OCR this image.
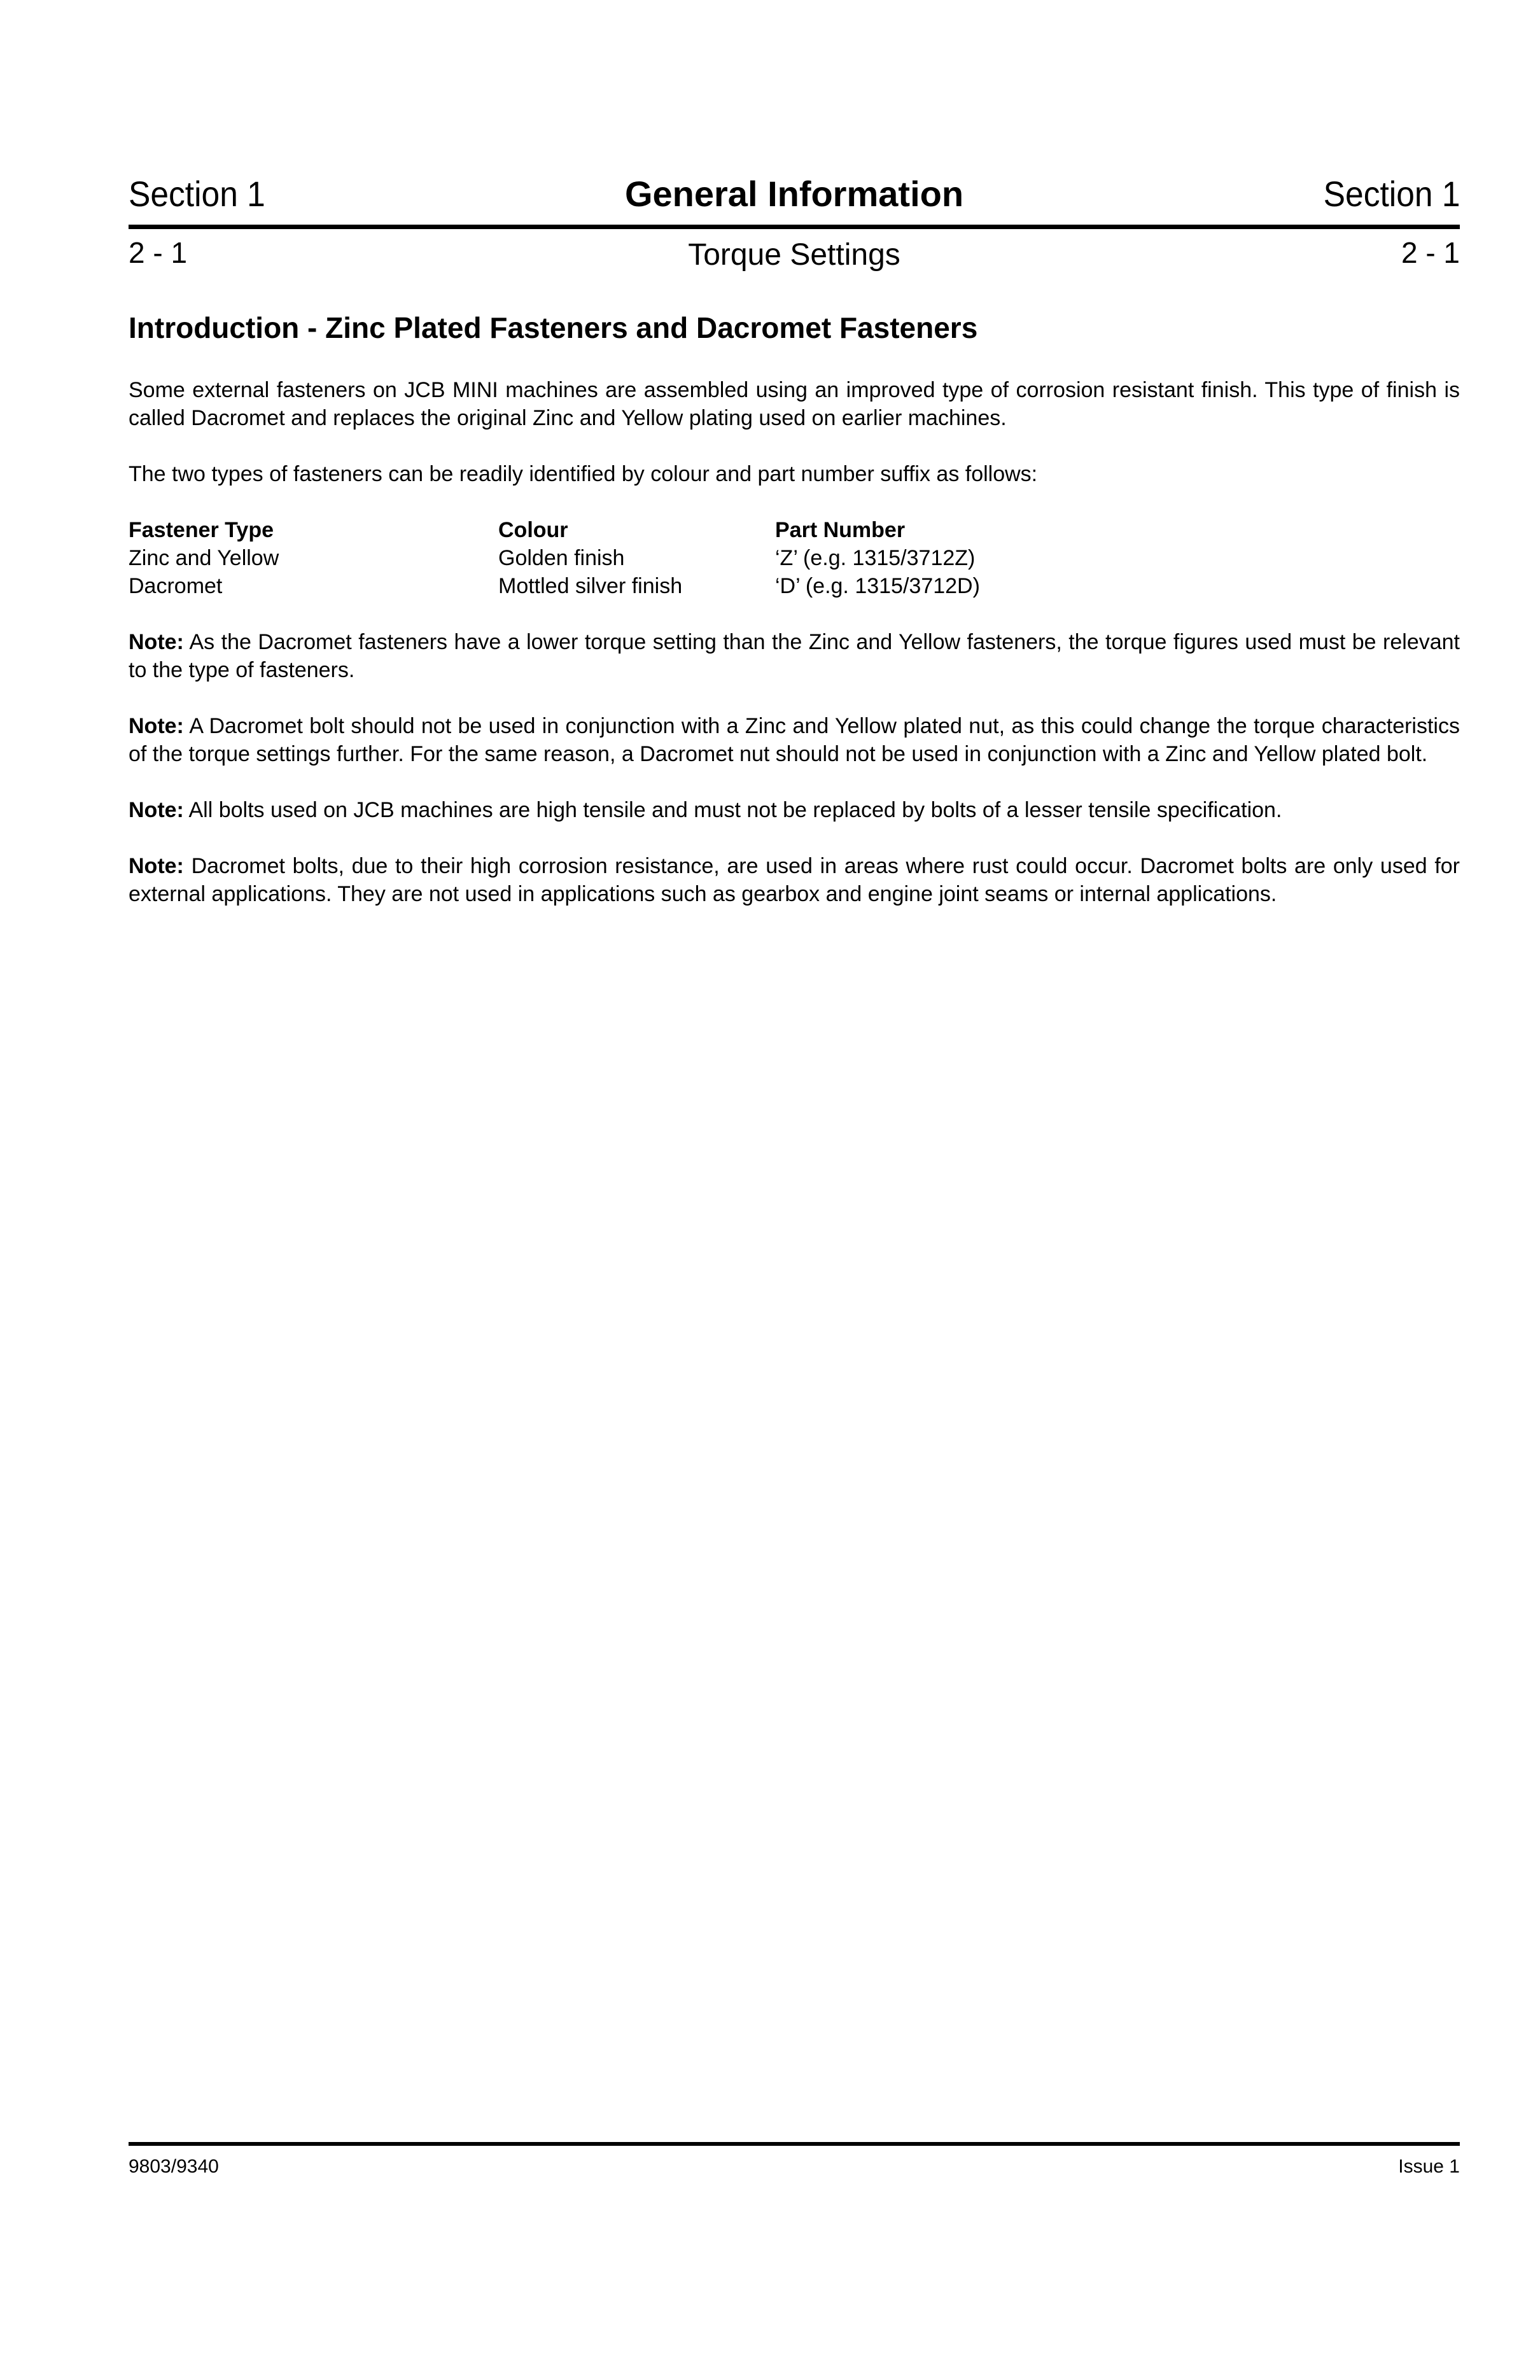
Section 1	General Information	Section 1
2 - 1	Torque Settings	2 - 1
Introduction - Zinc Plated Fasteners and Dacromet Fasteners

Some external fasteners on JCB MINI machines are assembled using an improved type of corrosion resistant finish. This type of finish is called Dacromet and replaces the original Zinc and Yellow plating used on earlier machines.

The two types of fasteners can be readily identified by colour and part number suffix as follows:

Fastener Type	Colour	Part Number
Zinc and Yellow	Golden finish	‘Z’ (e.g. 1315/3712Z)
Dacromet	Mottled silver finish	‘D’ (e.g. 1315/3712D)

Note: As the Dacromet fasteners have a lower torque setting than the Zinc and Yellow fasteners, the torque figures used must be relevant to the type of fasteners.

Note: A Dacromet bolt should not be used in conjunction with a Zinc and Yellow plated nut, as this could change the torque characteristics of the torque settings further. For the same reason, a Dacromet nut should not be used in conjunction with a Zinc and Yellow plated bolt.

Note: All bolts used on JCB machines are high tensile and must not be replaced by bolts of a lesser tensile specification.

Note: Dacromet bolts, due to their high corrosion resistance, are used in areas where rust could occur. Dacromet bolts are only used for external applications. They are not used in applications such as gearbox and engine joint seams or internal applications.

9803/9340	Issue 1
